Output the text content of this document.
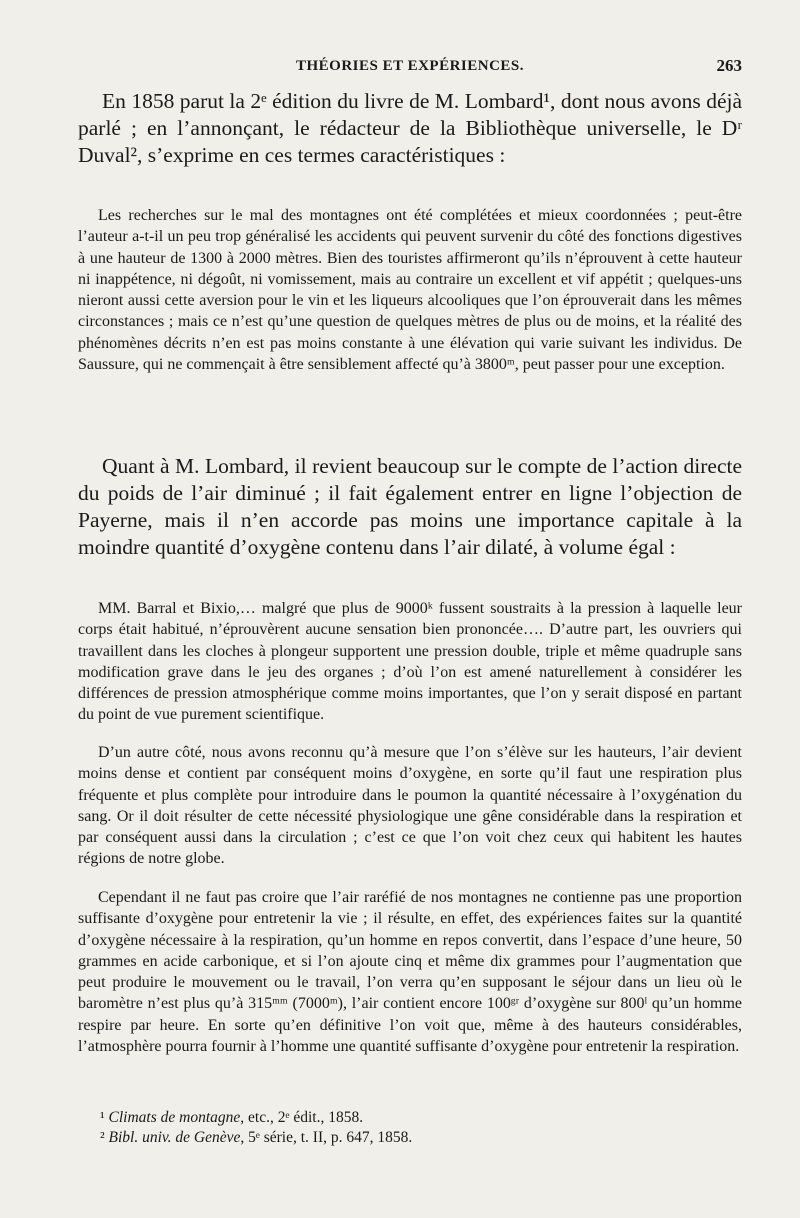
THÉORIES ET EXPÉRIENCES.	263

En 1858 parut la 2ᵉ édition du livre de M. Lombard¹, dont nous avons déjà parlé ; en l’annonçant, le rédacteur de la Bibliothèque universelle, le Dʳ Duval², s’exprime en ces termes caractéristiques :

Les recherches sur le mal des montagnes ont été complétées et mieux coordonnées ; peut-être l’auteur a-t-il un peu trop généralisé les accidents qui peuvent survenir du côté des fonctions digestives à une hauteur de 1300 à 2000 mètres. Bien des touristes affirmeront qu’ils n’éprouvent à cette hauteur ni inappétence, ni dégoût, ni vomissement, mais au contraire un excellent et vif appétit ; quelques-uns nieront aussi cette aversion pour le vin et les liqueurs alcooliques que l’on éprouverait dans les mêmes circonstances ; mais ce n’est qu’une question de quelques mètres de plus ou de moins, et la réalité des phénomènes décrits n’en est pas moins constante à une élévation qui varie suivant les individus. De Saussure, qui ne commençait à être sensiblement affecté qu’à 3800ᵐ, peut passer pour une exception.

Quant à M. Lombard, il revient beaucoup sur le compte de l’action directe du poids de l’air diminué ; il fait également entrer en ligne l’objection de Payerne, mais il n’en accorde pas moins une importance capitale à la moindre quantité d’oxygène contenu dans l’air dilaté, à volume égal :

MM. Barral et Bixio,… malgré que plus de 9000ᵏ fussent soustraits à la pression à laquelle leur corps était habitué, n’éprouvèrent aucune sensation bien prononcée…. D’autre part, les ouvriers qui travaillent dans les cloches à plongeur supportent une pression double, triple et même quadruple sans modification grave dans le jeu des organes ; d’où l’on est amené naturellement à considérer les différences de pression atmosphérique comme moins importantes, que l’on y serait disposé en partant du point de vue purement scientifique.

D’un autre côté, nous avons reconnu qu’à mesure que l’on s’élève sur les hauteurs, l’air devient moins dense et contient par conséquent moins d’oxygène, en sorte qu’il faut une respiration plus fréquente et plus complète pour introduire dans le poumon la quantité nécessaire à l’oxygénation du sang. Or il doit résulter de cette nécessité physiologique une gêne considérable dans la respiration et par conséquent aussi dans la circulation ; c’est ce que l’on voit chez ceux qui habitent les hautes régions de notre globe.

Cependant il ne faut pas croire que l’air raréfié de nos montagnes ne contienne pas une proportion suffisante d’oxygène pour entretenir la vie ; il résulte, en effet, des expériences faites sur la quantité d’oxygène nécessaire à la respiration, qu’un homme en repos convertit, dans l’espace d’une heure, 50 grammes en acide carbonique, et si l’on ajoute cinq et même dix grammes pour l’augmentation que peut produire le mouvement ou le travail, l’on verra qu’en supposant le séjour dans un lieu où le baromètre n’est plus qu’à 315ᵐᵐ (7000ᵐ), l’air contient encore 100ᵍʳ d’oxygène sur 800ˡ qu’un homme respire par heure. En sorte qu’en définitive l’on voit que, même à des hauteurs considérables, l’atmosphère pourra fournir à l’homme une quantité suffisante d’oxygène pour entretenir la respiration.

¹ Climats de montagne, etc., 2ᵉ édit., 1858.
² Bibl. univ. de Genève, 5ᵉ série, t. II, p. 647, 1858.
